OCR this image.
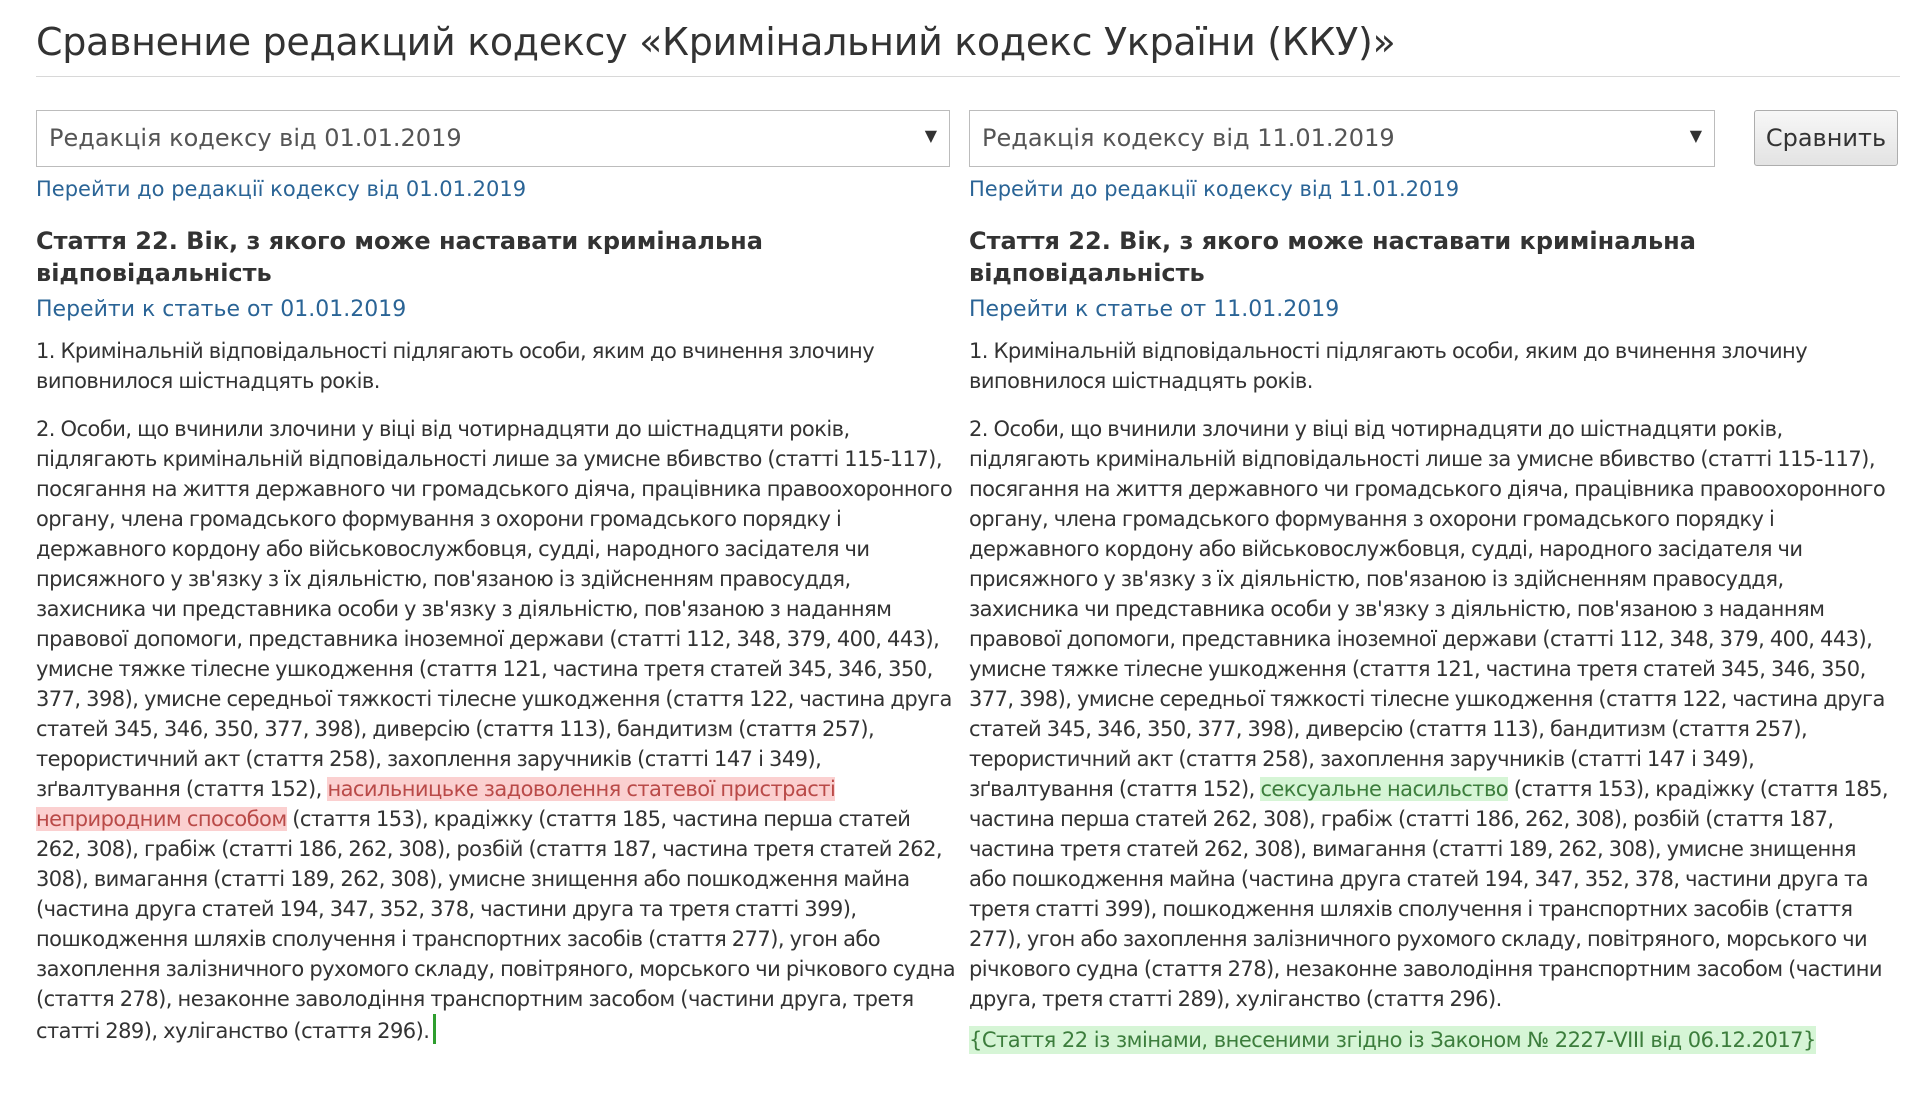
Сравнение редакций кодексу «Кримінальний кодекс України (ККУ)»
Редакція кодексу від 01.01.2019	▼
Перейти до редакції кодексу від 01.01.2019
Стаття 22. Вік, з якого може наставати кримінальна відповідальність
Перейти к статье от 01.01.2019

1. Кримінальній відповідальності підлягають особи, яким до вчинення злочину виповнилося шістнадцять років.

2. Особи, що вчинили злочини у віці від чотирнадцяти до шістнадцяти років, підлягають кримінальній відповідальності лише за умисне вбивство (статті 115-117), посягання на життя державного чи громадського діяча, працівника правоохоронного органу, члена громадського формування з охорони громадського порядку і державного кордону або військовослужбовця, судді, народного засідателя чи присяжного у зв'язку з їх діяльністю, пов'язаною із здійсненням правосуддя, захисника чи представника особи у зв'язку з діяльністю, пов'язаною з наданням правової допомоги, представника іноземної держави (статті 112, 348, 379, 400, 443), умисне тяжке тілесне ушкодження (стаття 121, частина третя статей 345, 346, 350, 377, 398), умисне середньої тяжкості тілесне ушкодження (стаття 122, частина друга статей 345, 346, 350, 377, 398), диверсію (стаття 113), бандитизм (стаття 257), терористичний акт (стаття 258), захоплення заручників (статті 147 і 349), зґвалтування (стаття 152), насильницьке задоволення статевої пристрасті неприродним способом (стаття 153), крадіжку (стаття 185, частина перша статей 262, 308), грабіж (статті 186, 262, 308), розбій (стаття 187, частина третя статей 262, 308), вимагання (статті 189, 262, 308), умисне знищення або пошкодження майна (частина друга статей 194, 347, 352, 378, частини друга та третя статті 399), пошкодження шляхів сполучення і транспортних засобів (стаття 277), угон або захоплення залізничного рухомого складу, повітряного, морського чи річкового судна (стаття 278), незаконне заволодіння транспортним засобом (частини друга, третя статті 289), хуліганство (стаття 296).

Редакція кодексу від 11.01.2019	▼
Перейти до редакції кодексу від 11.01.2019
Стаття 22. Вік, з якого може наставати кримінальна відповідальність
Перейти к статье от 11.01.2019

1. Кримінальній відповідальності підлягають особи, яким до вчинення злочину виповнилося шістнадцять років.

2. Особи, що вчинили злочини у віці від чотирнадцяти до шістнадцяти років, підлягають кримінальній відповідальності лише за умисне вбивство (статті 115-117), посягання на життя державного чи громадського діяча, працівника правоохоронного органу, члена громадського формування з охорони громадського порядку і державного кордону або військовослужбовця, судді, народного засідателя чи присяжного у зв'язку з їх діяльністю, пов'язаною із здійсненням правосуддя, захисника чи представника особи у зв'язку з діяльністю, пов'язаною з наданням правової допомоги, представника іноземної держави (статті 112, 348, 379, 400, 443), умисне тяжке тілесне ушкодження (стаття 121, частина третя статей 345, 346, 350, 377, 398), умисне середньої тяжкості тілесне ушкодження (стаття 122, частина друга статей 345, 346, 350, 377, 398), диверсію (стаття 113), бандитизм (стаття 257), терористичний акт (стаття 258), захоплення заручників (статті 147 і 349), зґвалтування (стаття 152), сексуальне насильство (стаття 153), крадіжку (стаття 185, частина перша статей 262, 308), грабіж (статті 186, 262, 308), розбій (стаття 187, частина третя статей 262, 308), вимагання (статті 189, 262, 308), умисне знищення або пошкодження майна (частина друга статей 194, 347, 352, 378, частини друга та третя статті 399), пошкодження шляхів сполучення і транспортних засобів (стаття 277), угон або захоплення залізничного рухомого складу, повітряного, морського чи річкового судна (стаття 278), незаконне заволодіння транспортним засобом (частини друга, третя статті 289), хуліганство (стаття 296).

{Стаття 22 із змінами, внесеними згідно із Законом № 2227-VIII від 06.12.2017}
Сравнить
